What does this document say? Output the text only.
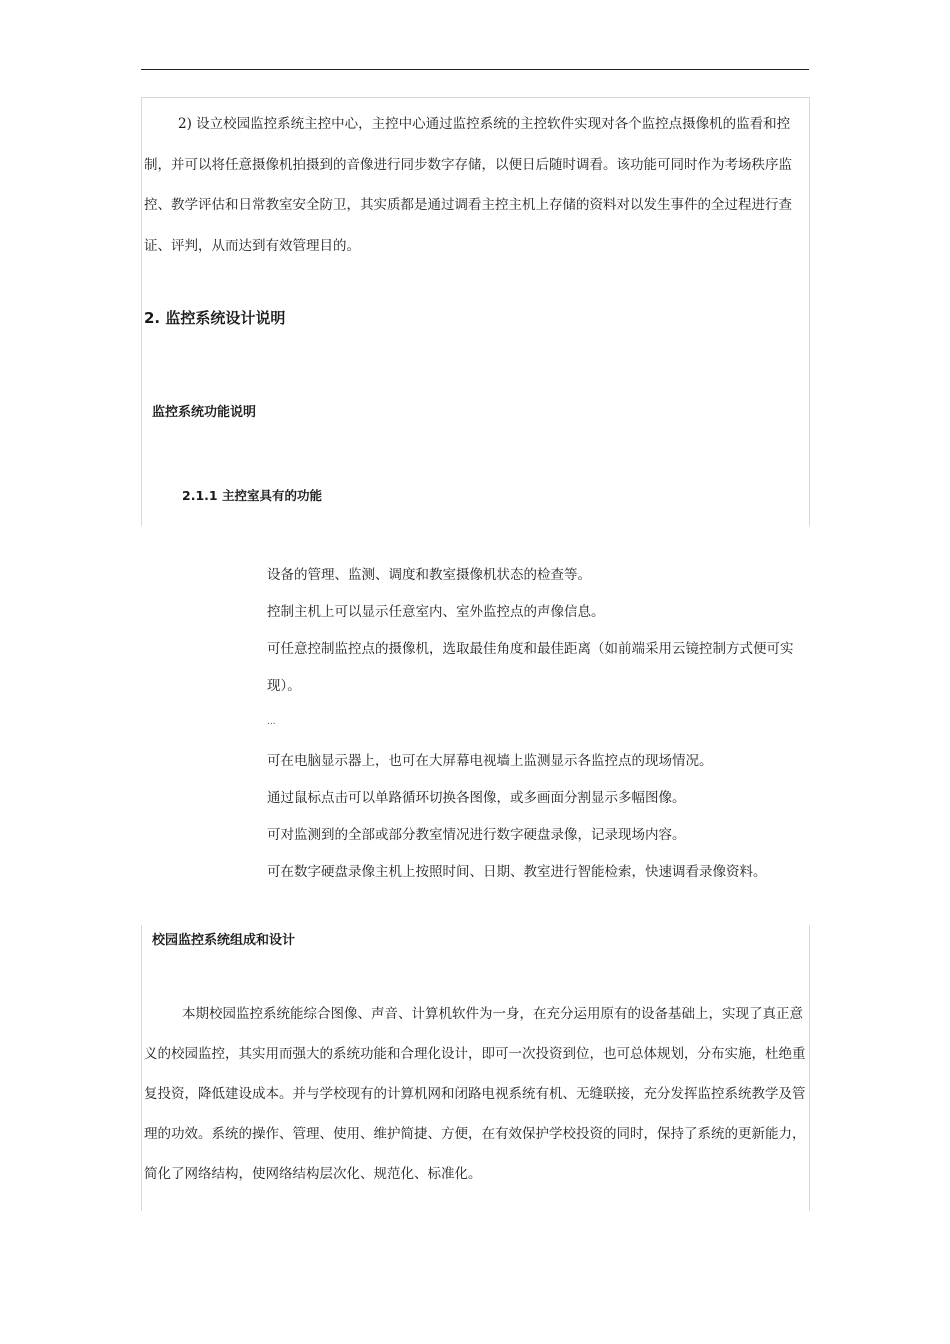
2) 设立校园监控系统主控中心，主控中心通过监控系统的主控软件实现对各个监控点摄像机的监看和控制，并可以将任意摄像机拍摄到的音像进行同步数字存储，以便日后随时调看。该功能可同时作为考场秩序监控、教学评估和日常教室安全防卫，其实质都是通过调看主控主机上存储的资料对以发生事件的全过程进行查证、评判，从而达到有效管理目的。

2. 监控系统设计说明
监控系统功能说明
2.1.1 主控室具有的功能
设备的管理、监测、调度和教室摄像机状态的检查等。
控制主机上可以显示任意室内、室外监控点的声像信息。
可任意控制监控点的摄像机，选取最佳角度和最佳距离（如前端采用云镜控制方式便可实现）。

...

可在电脑显示器上，也可在大屏幕电视墙上监测显示各监控点的现场情况。
通过鼠标点击可以单路循环切换各图像，或多画面分割显示多幅图像。
可对监测到的全部或部分教室情况进行数字硬盘录像，记录现场内容。
可在数字硬盘录像主机上按照时间、日期、教室进行智能检索，快速调看录像资料。
校园监控系统组成和设计

本期校园监控系统能综合图像、声音、计算机软件为一身，在充分运用原有的设备基础上，实现了真正意义的校园监控，其实用而强大的系统功能和合理化设计，即可一次投资到位，也可总体规划，分布实施，杜绝重复投资，降低建设成本。并与学校现有的计算机网和闭路电视系统有机、无缝联接，充分发挥监控系统教学及管理的功效。系统的操作、管理、使用、维护简捷、方便，在有效保护学校投资的同时，保持了系统的更新能力，简化了网络结构，使网络结构层次化、规范化、标准化。
